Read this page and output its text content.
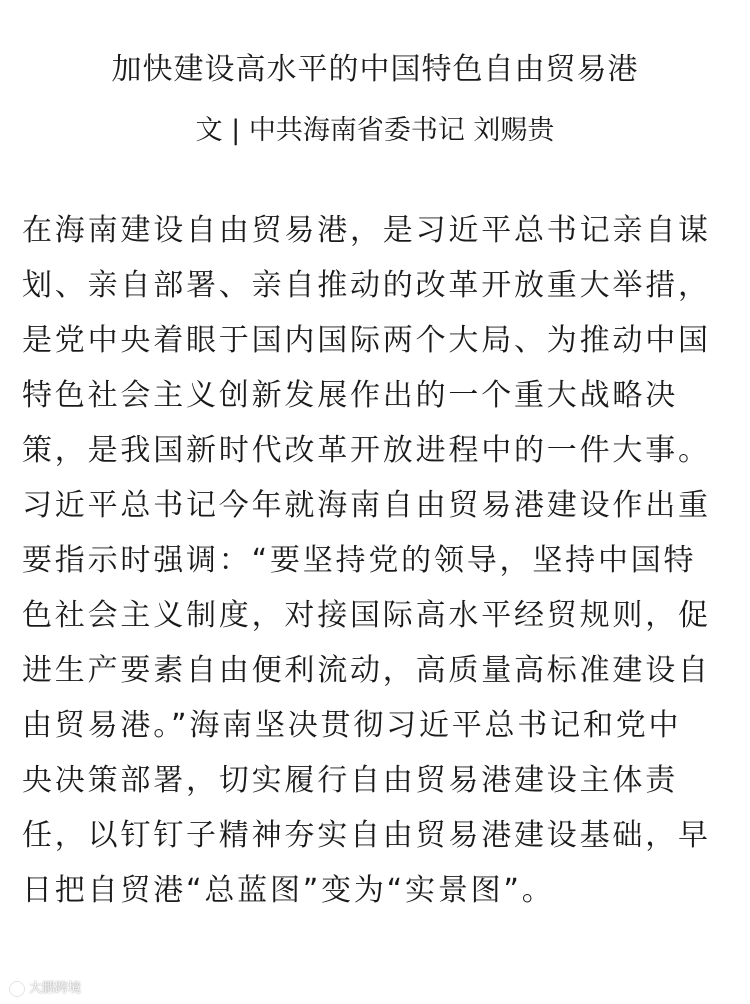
加快建设高水平的中国特色自由贸易港
文 | 中共海南省委书记 刘赐贵
在海南建设自由贸易港，是习近平总书记亲自谋
划、亲自部署、亲自推动的改革开放重大举措，
是党中央着眼于国内国际两个大局、为推动中国
特色社会主义创新发展作出的一个重大战略决
策，是我国新时代改革开放进程中的一件大事。
习近平总书记今年就海南自由贸易港建设作出重
要指示时强调：“要坚持党的领导，坚持中国特
色社会主义制度，对接国际高水平经贸规则，促
进生产要素自由便利流动，高质量高标准建设自
由贸易港。”海南坚决贯彻习近平总书记和党中
央决策部署，切实履行自由贸易港建设主体责
任，以钉钉子精神夯实自由贸易港建设基础，早
日把自贸港“总蓝图”变为“实景图”。
大鹏跨境
